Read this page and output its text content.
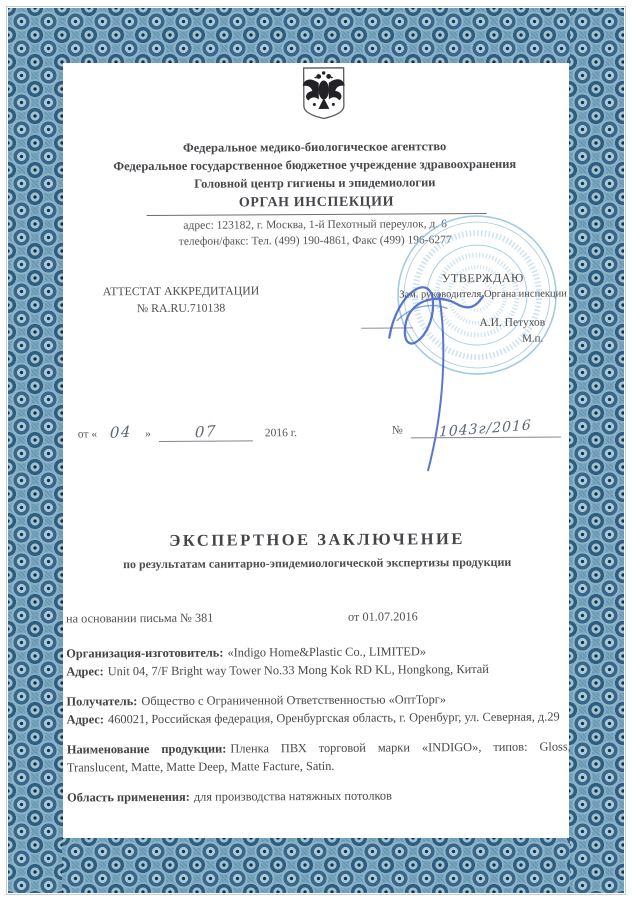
Федеральное медико-биологическое агентство
Федеральное государственное бюджетное учреждение здравоохранения
Головной центр гигиены и эпидемиологии
ОРГАН ИНСПЕКЦИИ
адрес: 123182, г. Москва, 1-й Пехотный переулок, д. 6
телефон/факс: Тел. (499) 190-4861, Факс (499) 196-6277
АТТЕСТАТ АККРЕДИТАЦИИ
№ RA.RU.710138
УТВЕРЖДАЮ
Зам. руководителя Органа инспекции
А.И. Петухов
М.п.
от « 04 »	07	2016 г.	№	1043г/2016
ЭКСПЕРТНОЕ ЗАКЛЮЧЕНИЕ
по результатам санитарно-эпидемиологической экспертизы продукции
на основании письма № 381	от 01.07.2016

Организация-изготовитель: «Indigo Home&Plastic Co., LIMITED»
Адрес: Unit 04, 7/F Bright way Tower No.33 Mong Kok RD KL, Hongkong, Китай

Получатель: Общество с Ограниченной Ответственностью «ОптТорг»
Адрес: 460021, Российская федерация, Оренбургская область, г. Оренбург, ул. Северная, д.29

Наименование продукции: Пленка ПВХ торговой марки «INDIGO», типов: Gloss, Translucent, Matte, Matte Deep, Matte Facture, Satin.

Область применения: для производства натяжных потолков
